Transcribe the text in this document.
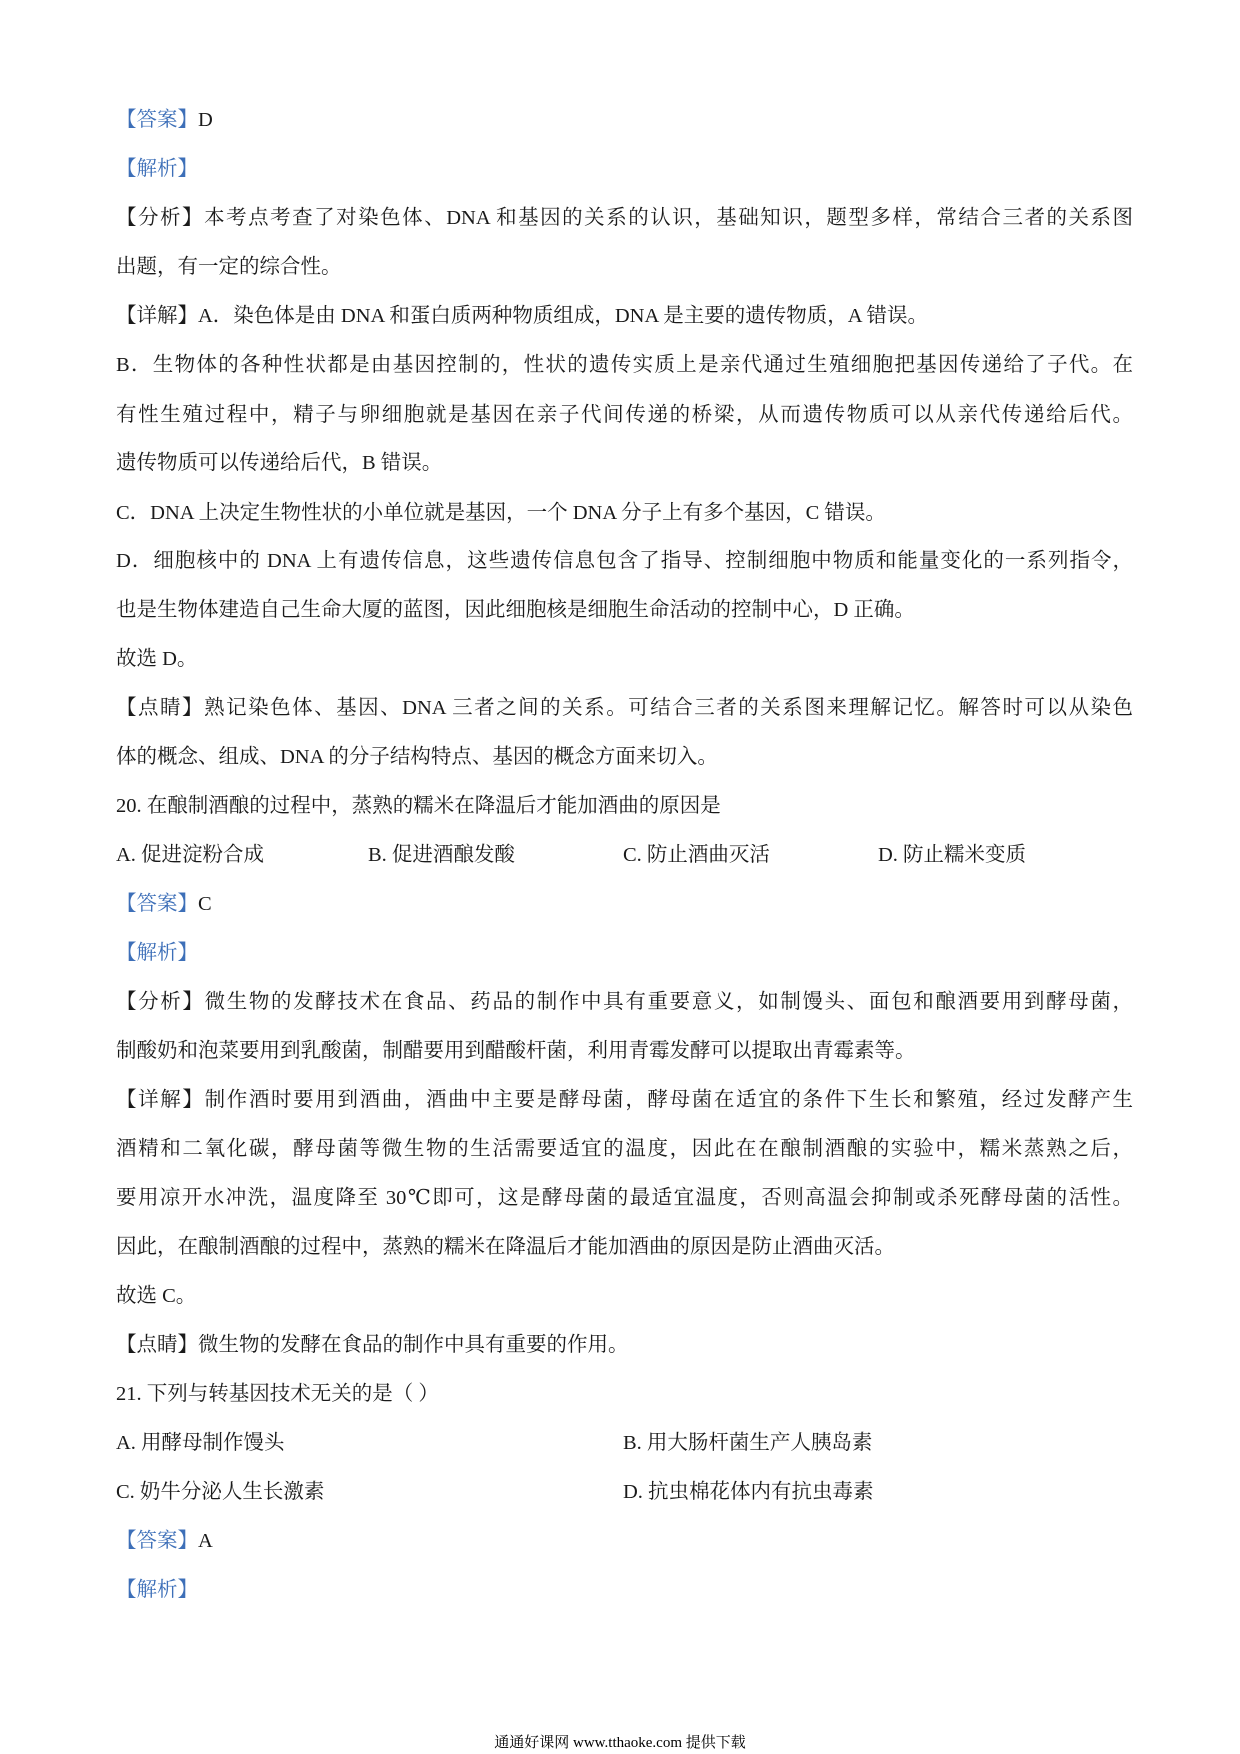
【答案】D
【解析】
【分析】本考点考查了对染色体、DNA 和基因的关系的认识，基础知识，题型多样，常结合三者的关系图
出题，有一定的综合性。
【详解】A．染色体是由 DNA 和蛋白质两种物质组成，DNA 是主要的遗传物质，A 错误。
B．生物体的各种性状都是由基因控制的，性状的遗传实质上是亲代通过生殖细胞把基因传递给了子代。在
有性生殖过程中，精子与卵细胞就是基因在亲子代间传递的桥梁，从而遗传物质可以从亲代传递给后代。
遗传物质可以传递给后代，B 错误。
C．DNA 上决定生物性状的小单位就是基因，一个 DNA 分子上有多个基因，C 错误。
D．细胞核中的 DNA 上有遗传信息，这些遗传信息包含了指导、控制细胞中物质和能量变化的一系列指令，
也是生物体建造自己生命大厦的蓝图，因此细胞核是细胞生命活动的控制中心，D 正确。
故选 D。
【点睛】熟记染色体、基因、DNA 三者之间的关系。可结合三者的关系图来理解记忆。解答时可以从染色
体的概念、组成、DNA 的分子结构特点、基因的概念方面来切入。
20. 在酿制酒酿的过程中，蒸熟的糯米在降温后才能加酒曲的原因是
A. 促进淀粉合成	B. 促进酒酿发酸	C. 防止酒曲灭活	D. 防止糯米变质
【答案】C
【解析】
【分析】微生物的发酵技术在食品、药品的制作中具有重要意义，如制馒头、面包和酿酒要用到酵母菌，
制酸奶和泡菜要用到乳酸菌，制醋要用到醋酸杆菌，利用青霉发酵可以提取出青霉素等。
【详解】制作酒时要用到酒曲，酒曲中主要是酵母菌，酵母菌在适宜的条件下生长和繁殖，经过发酵产生
酒精和二氧化碳，酵母菌等微生物的生活需要适宜的温度，因此在在酿制酒酿的实验中，糯米蒸熟之后，
要用凉开水冲洗，温度降至 30℃即可，这是酵母菌的最适宜温度，否则高温会抑制或杀死酵母菌的活性。
因此，在酿制酒酿的过程中，蒸熟的糯米在降温后才能加酒曲的原因是防止酒曲灭活。
故选 C。
【点睛】微生物的发酵在食品的制作中具有重要的作用。
21. 下列与转基因技术无关的是（ ）
A. 用酵母制作馒头	B. 用大肠杆菌生产人胰岛素
C. 奶牛分泌人生长激素	D. 抗虫棉花体内有抗虫毒素
【答案】A
【解析】
通通好课网 www.tthaoke.com 提供下载
